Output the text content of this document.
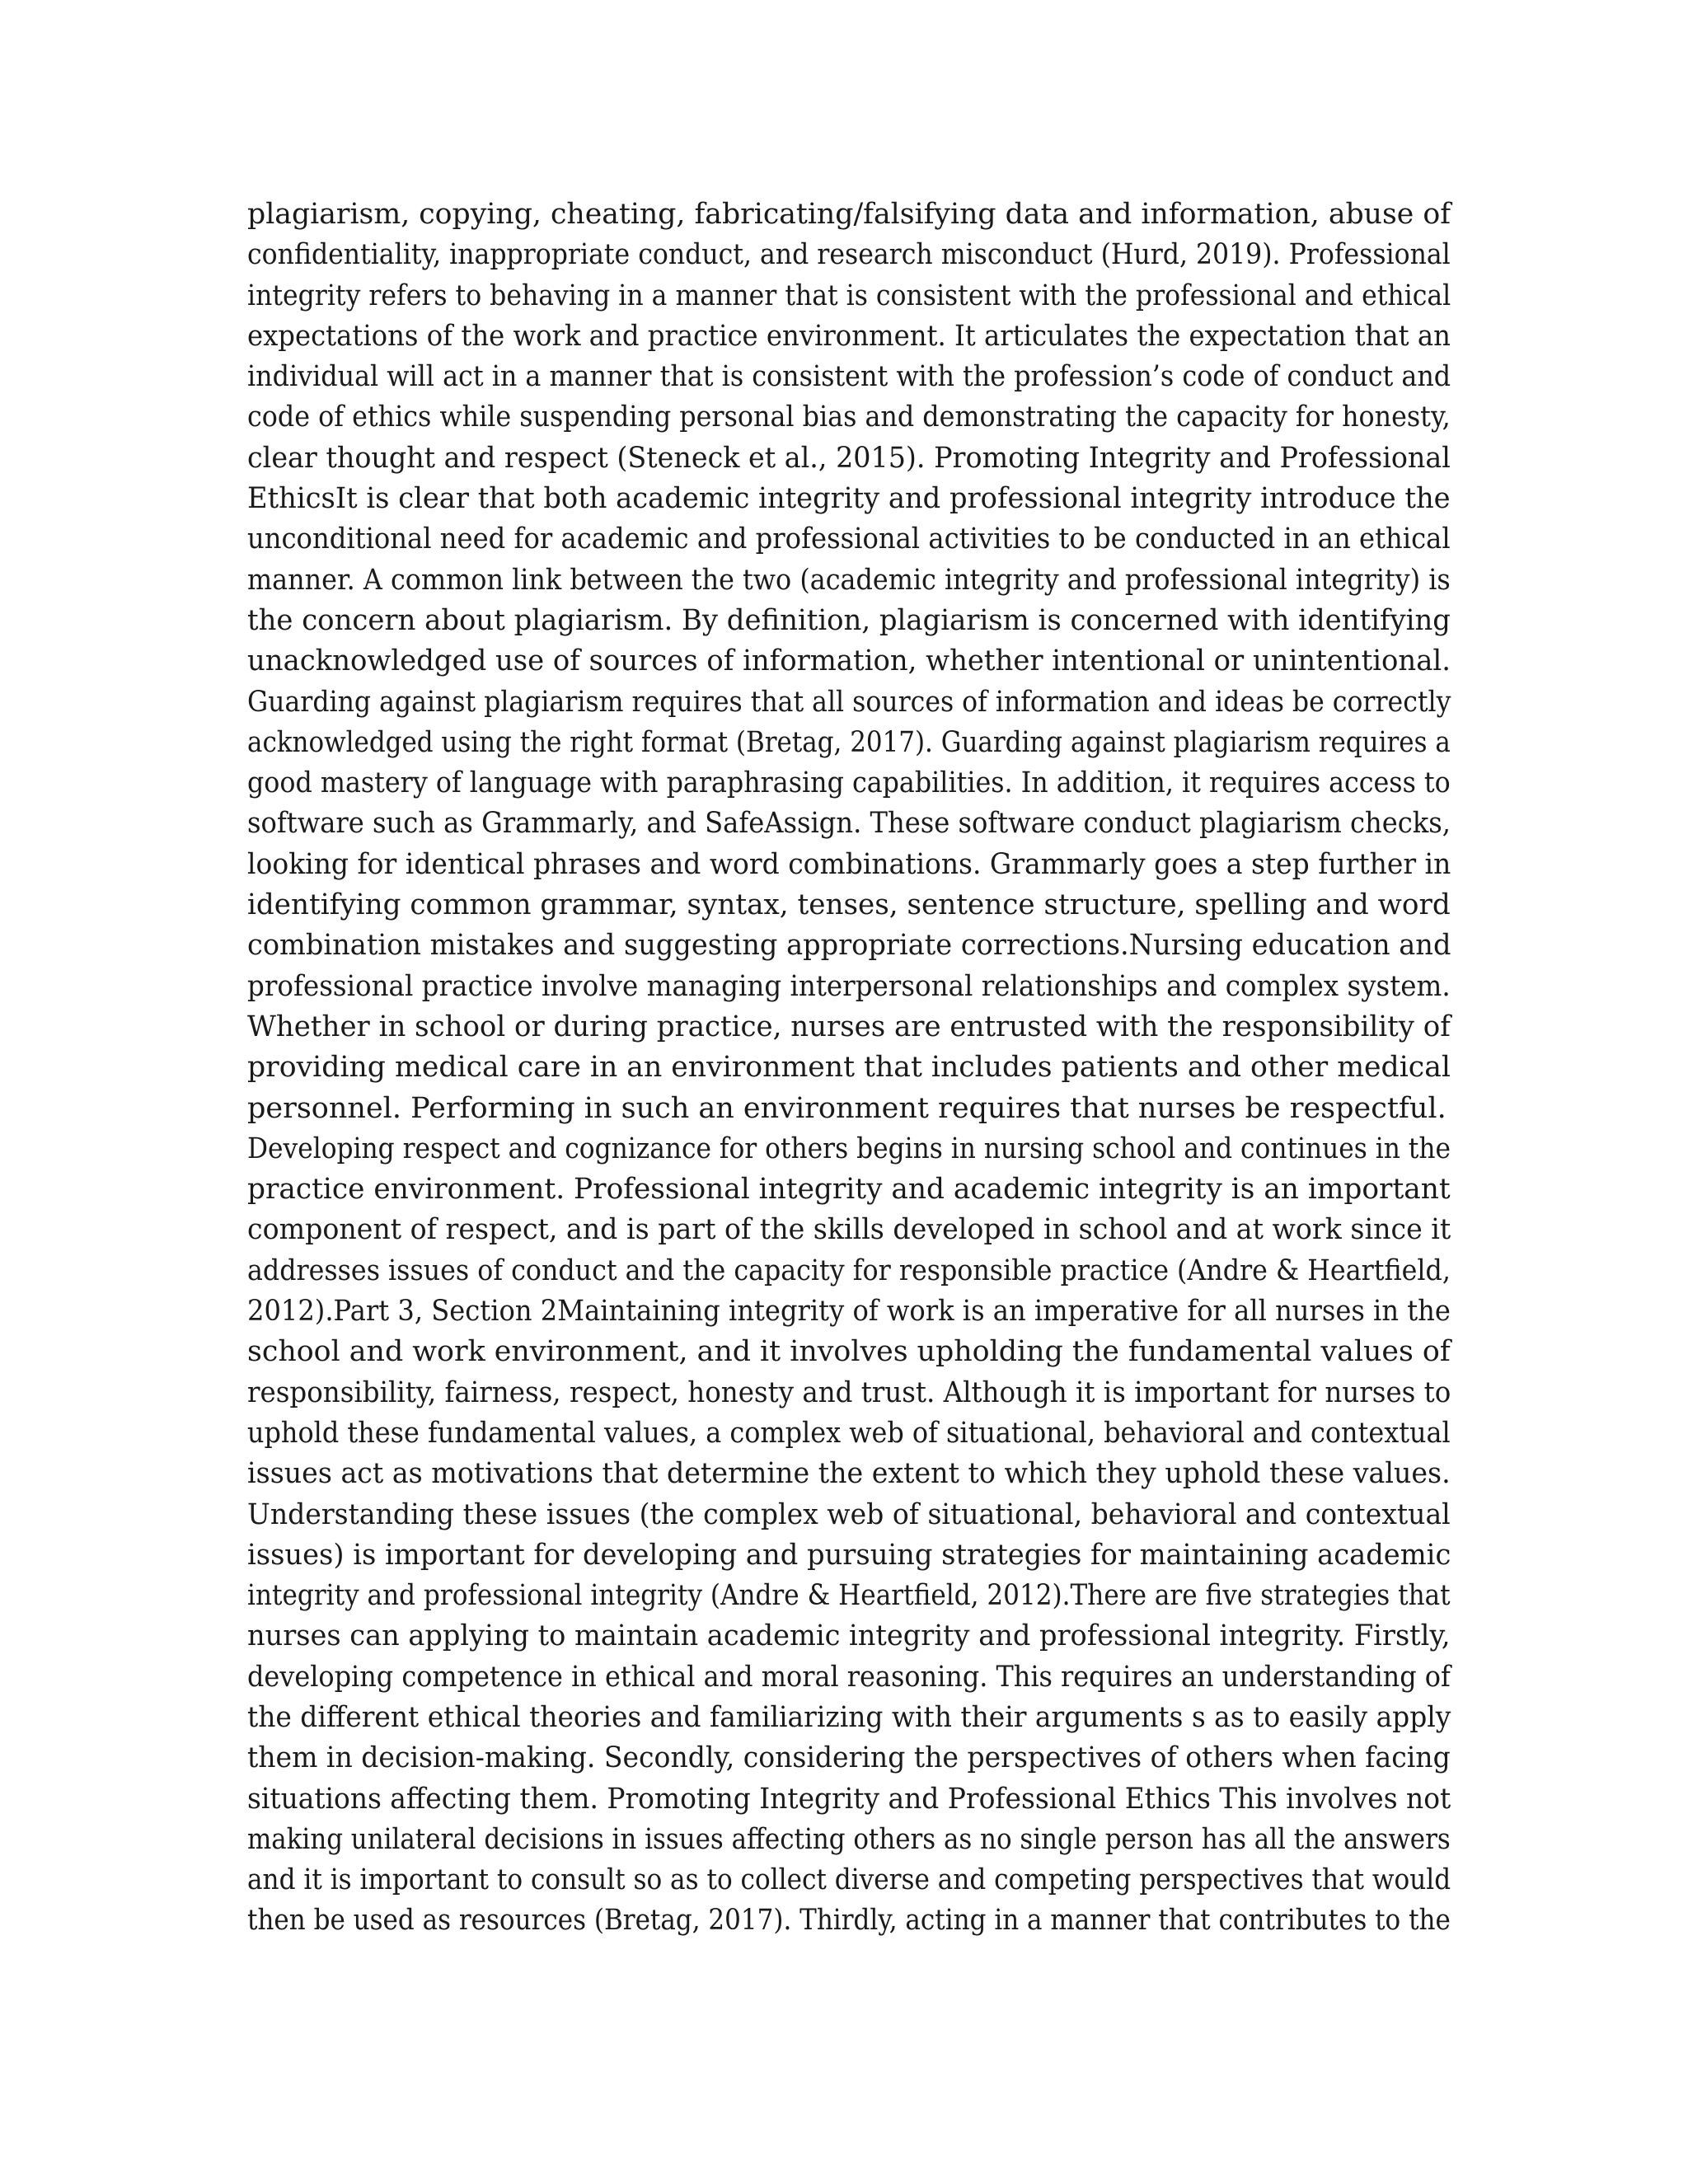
plagiarism, copying, cheating, fabricating/falsifying data and information, abuse of
confidentiality, inappropriate conduct, and research misconduct (Hurd, 2019). Professional
integrity refers to behaving in a manner that is consistent with the professional and ethical
expectations of the work and practice environment. It articulates the expectation that an
individual will act in a manner that is consistent with the profession’s code of conduct and
code of ethics while suspending personal bias and demonstrating the capacity for honesty,
clear thought and respect (Steneck et al., 2015). Promoting Integrity and Professional
EthicsIt is clear that both academic integrity and professional integrity introduce the
unconditional need for academic and professional activities to be conducted in an ethical
manner. A common link between the two (academic integrity and professional integrity) is
the concern about plagiarism. By definition, plagiarism is concerned with identifying
unacknowledged use of sources of information, whether intentional or unintentional.
Guarding against plagiarism requires that all sources of information and ideas be correctly
acknowledged using the right format (Bretag, 2017). Guarding against plagiarism requires a
good mastery of language with paraphrasing capabilities. In addition, it requires access to
software such as Grammarly, and SafeAssign. These software conduct plagiarism checks,
looking for identical phrases and word combinations. Grammarly goes a step further in
identifying common grammar, syntax, tenses, sentence structure, spelling and word
combination mistakes and suggesting appropriate corrections.Nursing education and
professional practice involve managing interpersonal relationships and complex system.
Whether in school or during practice, nurses are entrusted with the responsibility of
providing medical care in an environment that includes patients and other medical
personnel. Performing in such an environment requires that nurses be respectful.
Developing respect and cognizance for others begins in nursing school and continues in the
practice environment. Professional integrity and academic integrity is an important
component of respect, and is part of the skills developed in school and at work since it
addresses issues of conduct and the capacity for responsible practice (Andre & Heartfield,
2012).Part 3, Section 2Maintaining integrity of work is an imperative for all nurses in the
school and work environment, and it involves upholding the fundamental values of
responsibility, fairness, respect, honesty and trust. Although it is important for nurses to
uphold these fundamental values, a complex web of situational, behavioral and contextual
issues act as motivations that determine the extent to which they uphold these values.
Understanding these issues (the complex web of situational, behavioral and contextual
issues) is important for developing and pursuing strategies for maintaining academic
integrity and professional integrity (Andre & Heartfield, 2012).There are five strategies that
nurses can applying to maintain academic integrity and professional integrity. Firstly,
developing competence in ethical and moral reasoning. This requires an understanding of
the different ethical theories and familiarizing with their arguments s as to easily apply
them in decision-making. Secondly, considering the perspectives of others when facing
situations affecting them. Promoting Integrity and Professional Ethics This involves not
making unilateral decisions in issues affecting others as no single person has all the answers
and it is important to consult so as to collect diverse and competing perspectives that would
then be used as resources (Bretag, 2017). Thirdly, acting in a manner that contributes to the
